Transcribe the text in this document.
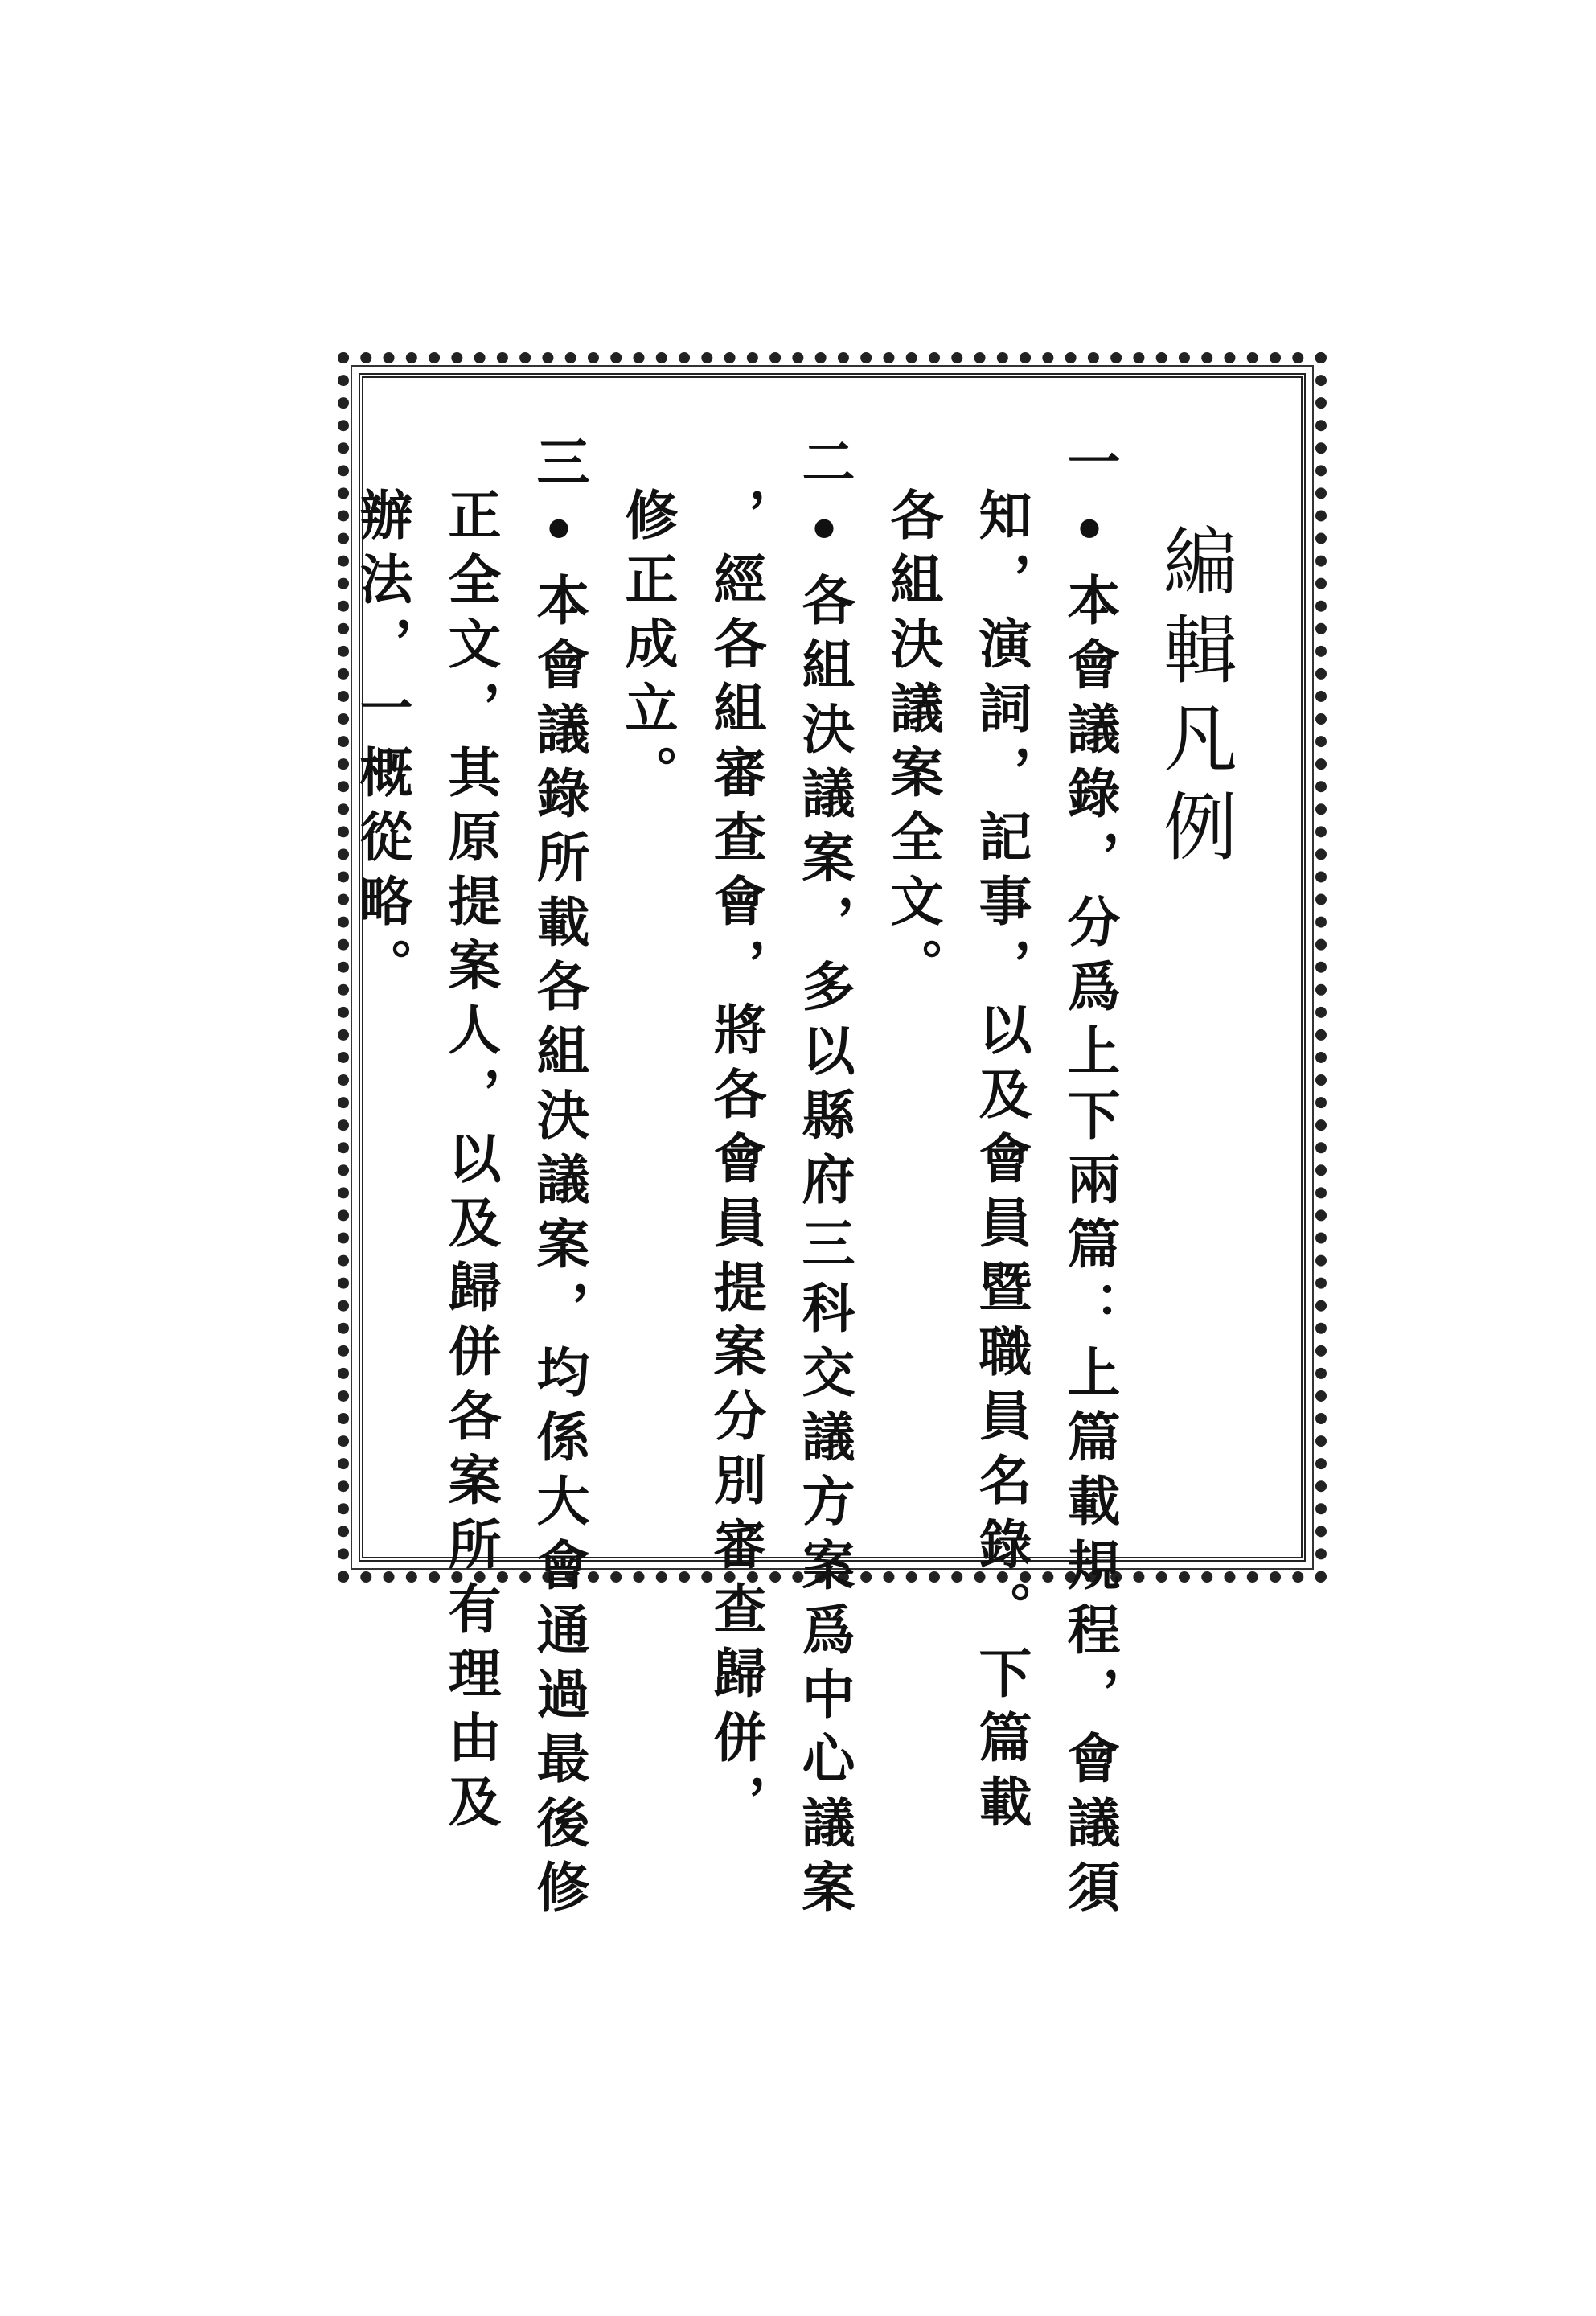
編輯凡例
一•本會議錄，分爲上下兩篇：上篇載規程，會議須
知，演詞，記事，以及會員暨職員名錄。下篇載
各組決議案全文。
二•各組決議案，多以縣府三科交議方案爲中心議案
，經各組審查會，將各會員提案分別審查歸併，
修正成立。
三•本會議錄所載各組決議案，均係大會通過最後修
正全文，其原提案人，以及歸併各案所有理由及
辦法，一概從略。
